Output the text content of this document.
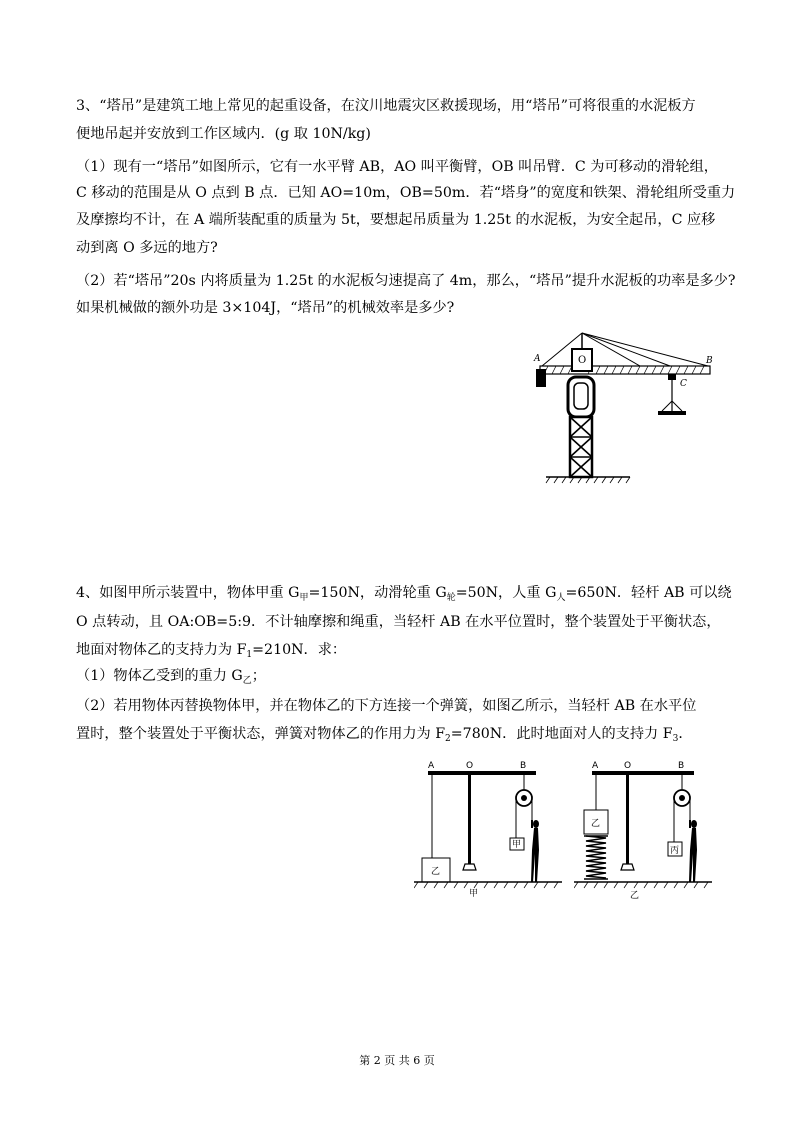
3、“塔吊”是建筑工地上常见的起重设备，在汶川地震灾区救援现场，用“塔吊”可将很重的水泥板方
便地吊起并安放到工作区域内．(g 取 10N/kg)
（1）现有一“塔吊”如图所示，它有一水平臂 AB，AO 叫平衡臂，OB 叫吊臂．C 为可移动的滑轮组，
C 移动的范围是从 O 点到 B 点．已知 AO=10m，OB=50m．若“塔身”的宽度和铁架、滑轮组所受重力
及摩擦均不计，在 A 端所装配重的质量为 5t，要想起吊质量为 1.25t 的水泥板，为安全起吊，C 应移
动到离 O 多远的地方?
（2）若“塔吊”20s 内将质量为 1.25t 的水泥板匀速提高了 4m，那么，“塔吊”提升水泥板的功率是多少?
如果机械做的额外功是 3×104J，“塔吊”的机械效率是多少?
A	O	B
C
4、如图甲所示装置中，物体甲重 $G_甲=150N$，动滑轮重 $G_轮=50N$，人重 $G_人=650N$．轻杆 AB 可以绕
O 点转动，且 OA:OB=5:9．不计轴摩擦和绳重，当轻杆 AB 在水平位置时，整个装置处于平衡状态，
地面对物体乙的支持力为 $F_1=210N$．求：
（1）物体乙受到的重力 $G_乙$；
（2）若用物体丙替换物体甲，并在物体乙的下方连接一个弹簧，如图乙所示，当轻杆 AB 在水平位
置时，整个装置处于平衡状态，弹簧对物体乙的作用力为 $F_2=780N$．此时地面对人的支持力 $F_3$．
A	O	B
乙
甲
甲
A	O	B
乙
丙
乙
第 2 页 共 6 页
